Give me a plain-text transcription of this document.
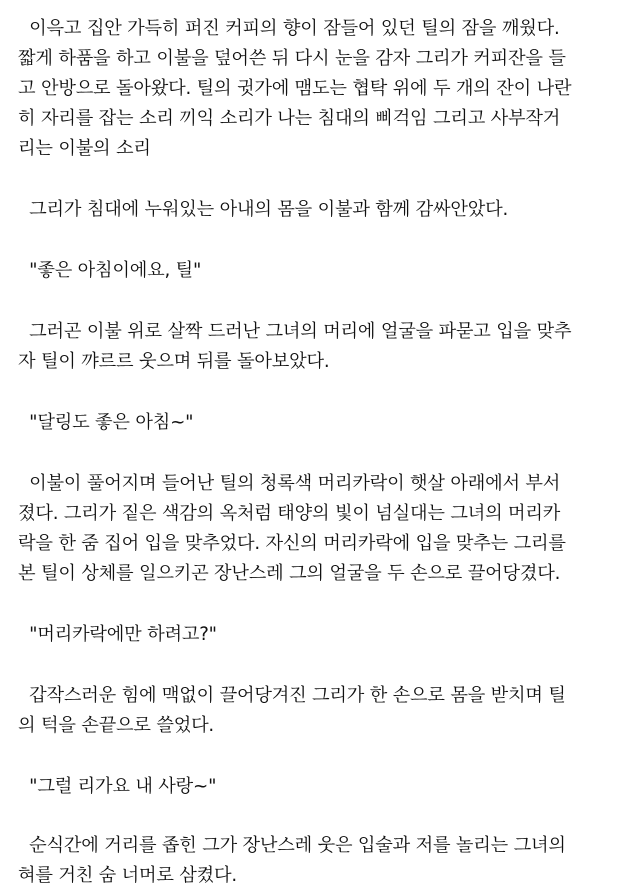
이윽고 집안 가득히 퍼진 커피의 향이 잠들어 있던 틸의 잠을 깨웠다.
짧게 하품을 하고 이불을 덮어쓴 뒤 다시 눈을 감자 그리가 커피잔을 들
고 안방으로 돌아왔다. 틸의 귓가에 맴도는 협탁 위에 두 개의 잔이 나란
히 자리를 잡는 소리 끼익 소리가 나는 침대의 삐걱임 그리고 사부작거
리는 이불의 소리
그리가 침대에 누워있는 아내의 몸을 이불과 함께 감싸안았다.
"좋은 아침이에요, 틸"
그러곤 이불 위로 살짝 드러난 그녀의 머리에 얼굴을 파묻고 입을 맞추
자 틸이 꺄르르 웃으며 뒤를 돌아보았다.
"달링도 좋은 아침~"
이불이 풀어지며 들어난 틸의 청록색 머리카락이 햇살 아래에서 부서
졌다. 그리가 짙은 색감의 옥처럼 태양의 빛이 넘실대는 그녀의 머리카
락을 한 줌 집어 입을 맞추었다. 자신의 머리카락에 입을 맞추는 그리를
본 틸이 상체를 일으키곤 장난스레 그의 얼굴을 두 손으로 끌어당겼다.
"머리카락에만 하려고?"
갑작스러운 힘에 맥없이 끌어당겨진 그리가 한 손으로 몸을 받치며 틸
의 턱을 손끝으로 쓸었다.
"그럴 리가요 내 사랑~"
순식간에 거리를 좁힌 그가 장난스레 웃은 입술과 저를 놀리는 그녀의
혀를 거친 숨 너머로 삼켰다.
